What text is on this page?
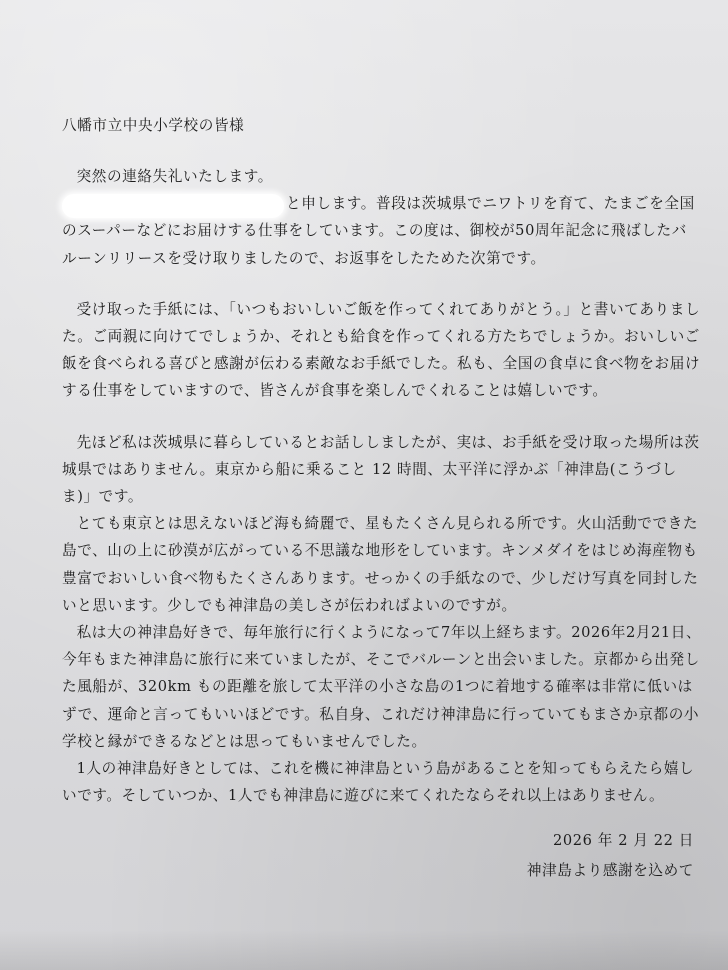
八幡市立中央小学校の皆様

突然の連絡失礼いたします。

と申します。普段は茨城県でニワトリを育て、たまごを全国のスーパーなどにお届けする仕事をしています。この度は、御校が50周年記念に飛ばしたバルーンリリースを受け取りましたので、お返事をしたためた次第です。

受け取った手紙には、「いつもおいしいご飯を作ってくれてありがとう。」と書いてありました。ご両親に向けてでしょうか、それとも給食を作ってくれる方たちでしょうか。おいしいご飯を食べられる喜びと感謝が伝わる素敵なお手紙でした。私も、全国の食卓に食べ物をお届けする仕事をしていますので、皆さんが食事を楽しんでくれることは嬉しいです。

先ほど私は茨城県に暮らしているとお話ししましたが、実は、お手紙を受け取った場所は茨城県ではありません。東京から船に乗ること 12 時間、太平洋に浮かぶ「神津島(こうづしま)」です。

とても東京とは思えないほど海も綺麗で、星もたくさん見られる所です。火山活動でできた島で、山の上に砂漠が広がっている不思議な地形をしています。キンメダイをはじめ海産物も豊富でおいしい食べ物もたくさんあります。せっかくの手紙なので、少しだけ写真を同封したいと思います。少しでも神津島の美しさが伝わればよいのですが。

私は大の神津島好きで、毎年旅行に行くようになって7年以上経ちます。2026年2月21日、今年もまた神津島に旅行に来ていましたが、そこでバルーンと出会いました。京都から出発した風船が、320km もの距離を旅して太平洋の小さな島の1つに着地する確率は非常に低いはずで、運命と言ってもいいほどです。私自身、これだけ神津島に行っていてもまさか京都の小学校と縁ができるなどとは思ってもいませんでした。

1人の神津島好きとしては、これを機に神津島という島があることを知ってもらえたら嬉しいです。そしていつか、1人でも神津島に遊びに来てくれたならそれ以上はありません。

2026 年 2 月 22 日
神津島より感謝を込めて
